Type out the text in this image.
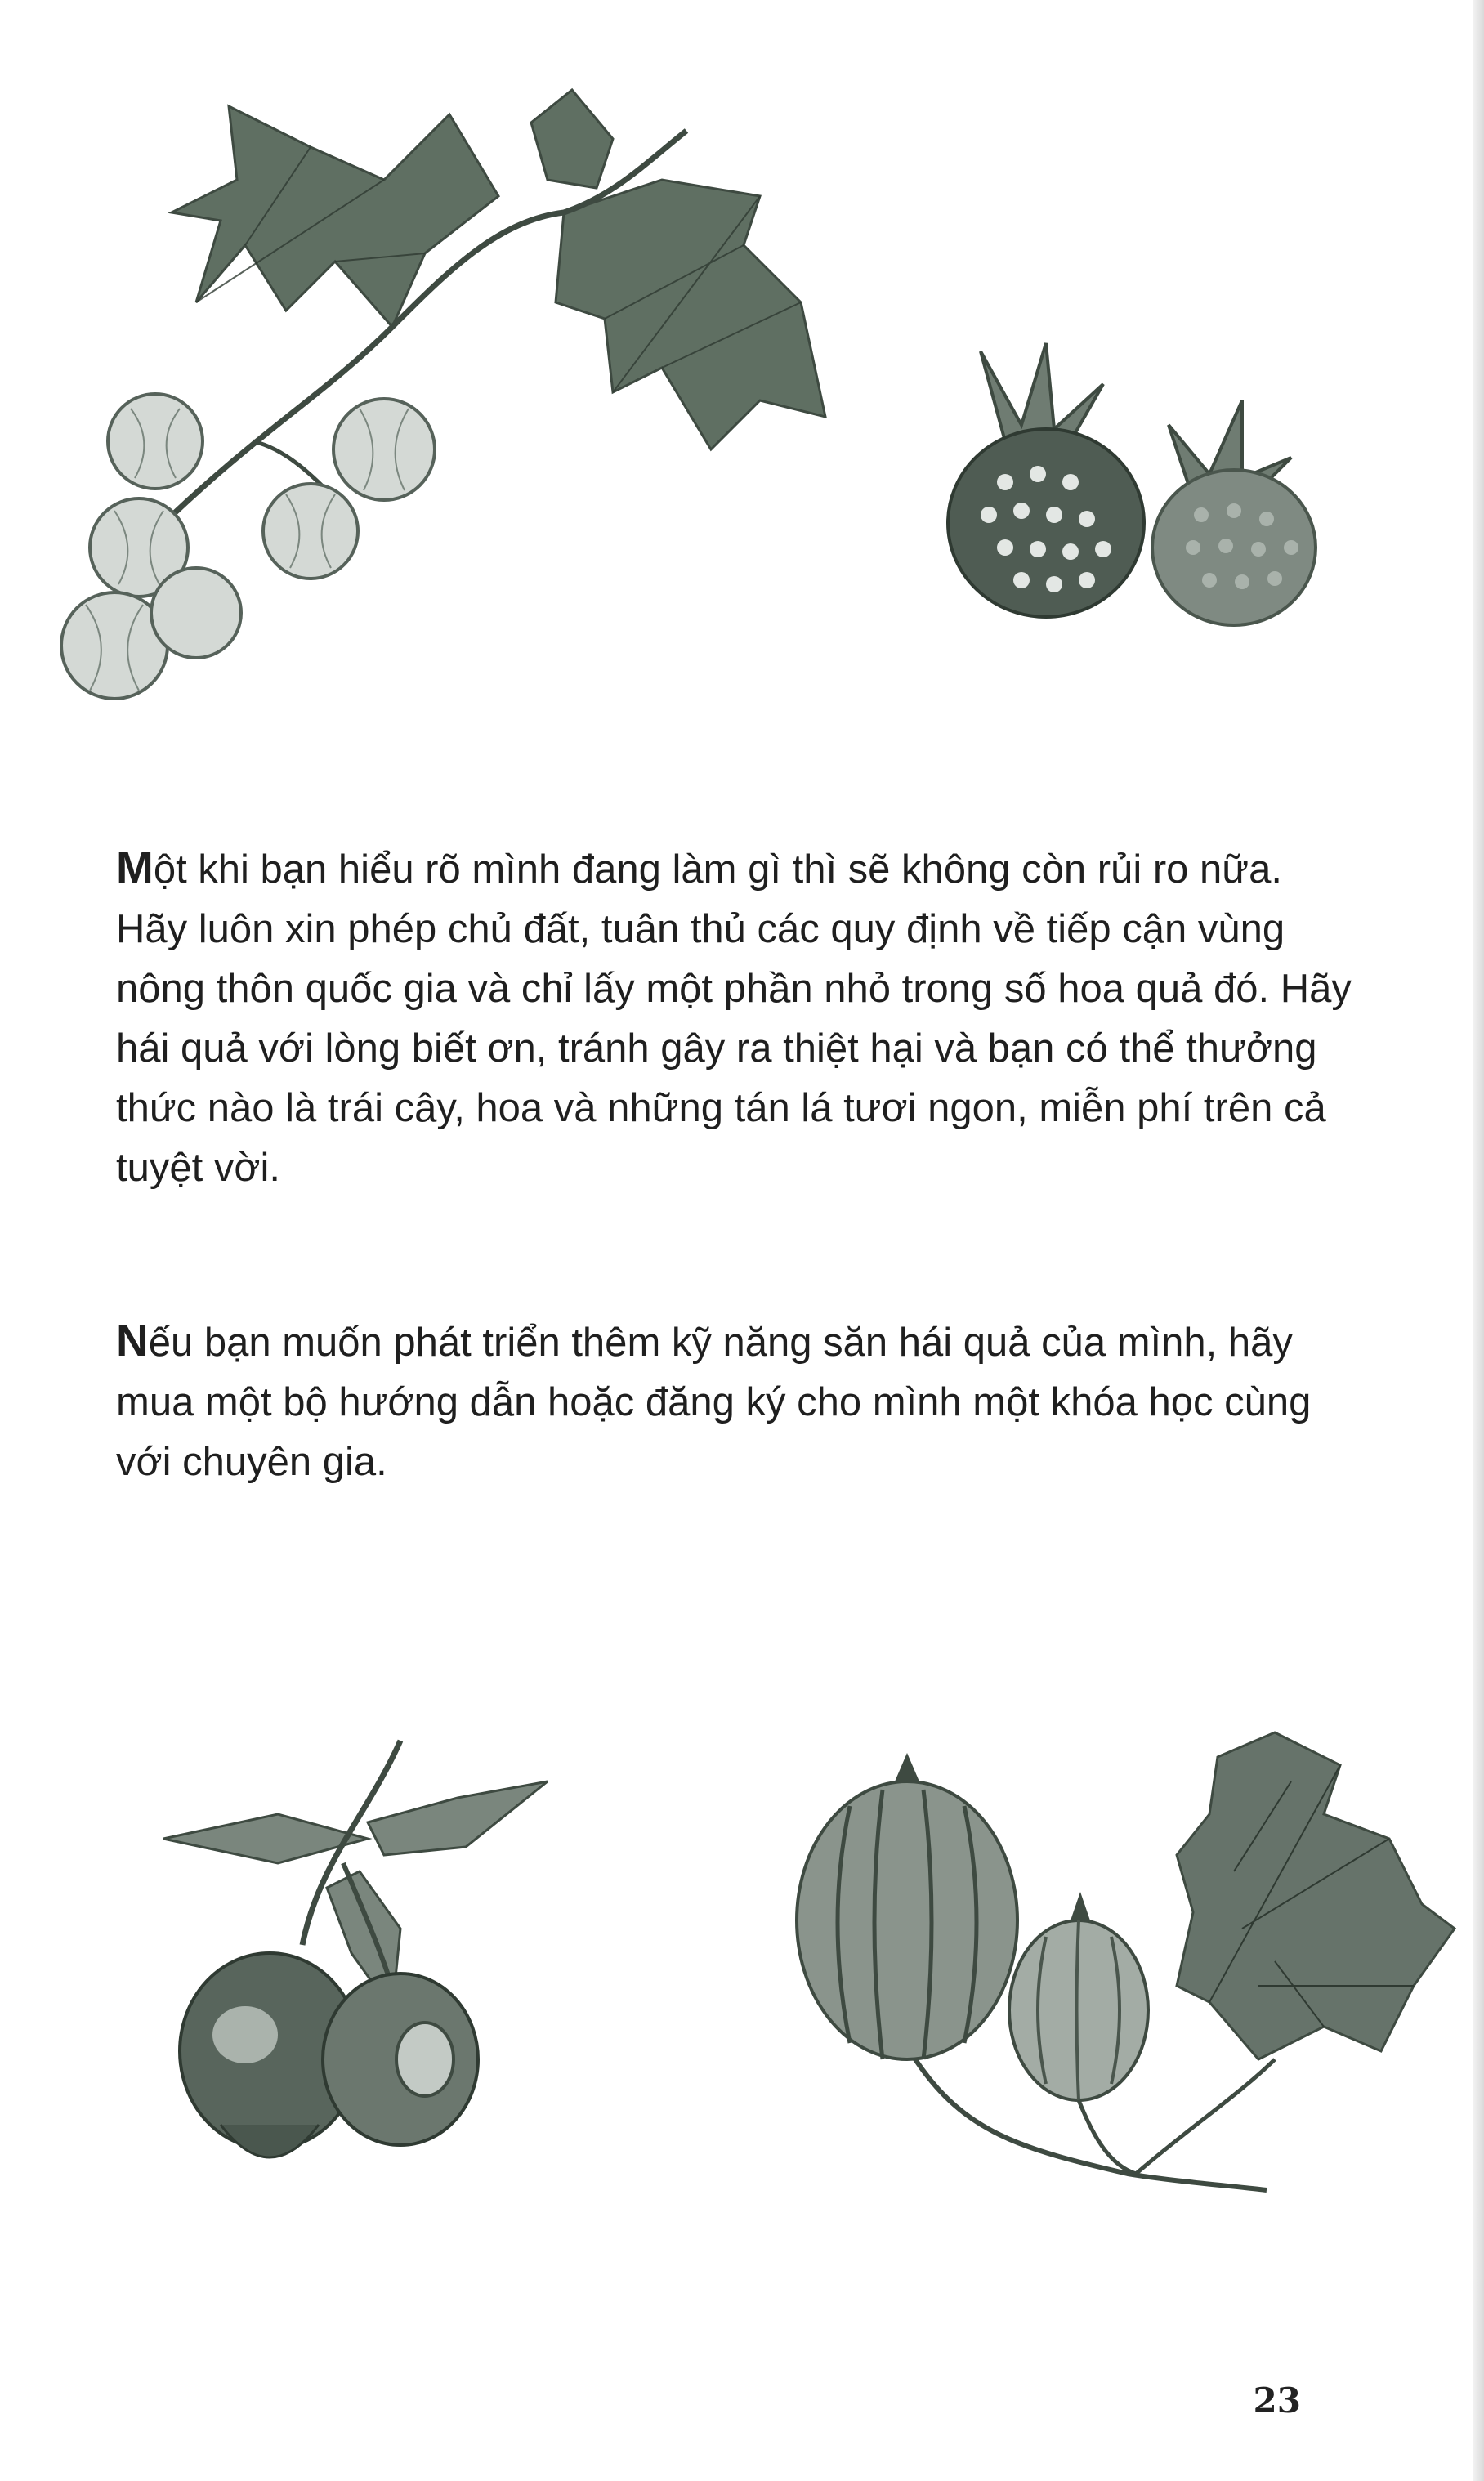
Một khi bạn hiểu rõ mình đang làm gì thì sẽ không còn rủi ro nữa. Hãy luôn xin phép chủ đất, tuân thủ các quy định về tiếp cận vùng nông thôn quốc gia và chỉ lấy một phần nhỏ trong số hoa quả đó. Hãy hái quả với lòng biết ơn, tránh gây ra thiệt hại và bạn có thể thưởng thức nào là trái cây, hoa và những tán lá tươi ngon, miễn phí trên cả tuyệt vời.

Nếu bạn muốn phát triển thêm kỹ năng săn hái quả của mình, hãy mua một bộ hướng dẫn hoặc đăng ký cho mình một khóa học cùng với chuyên gia.

23
